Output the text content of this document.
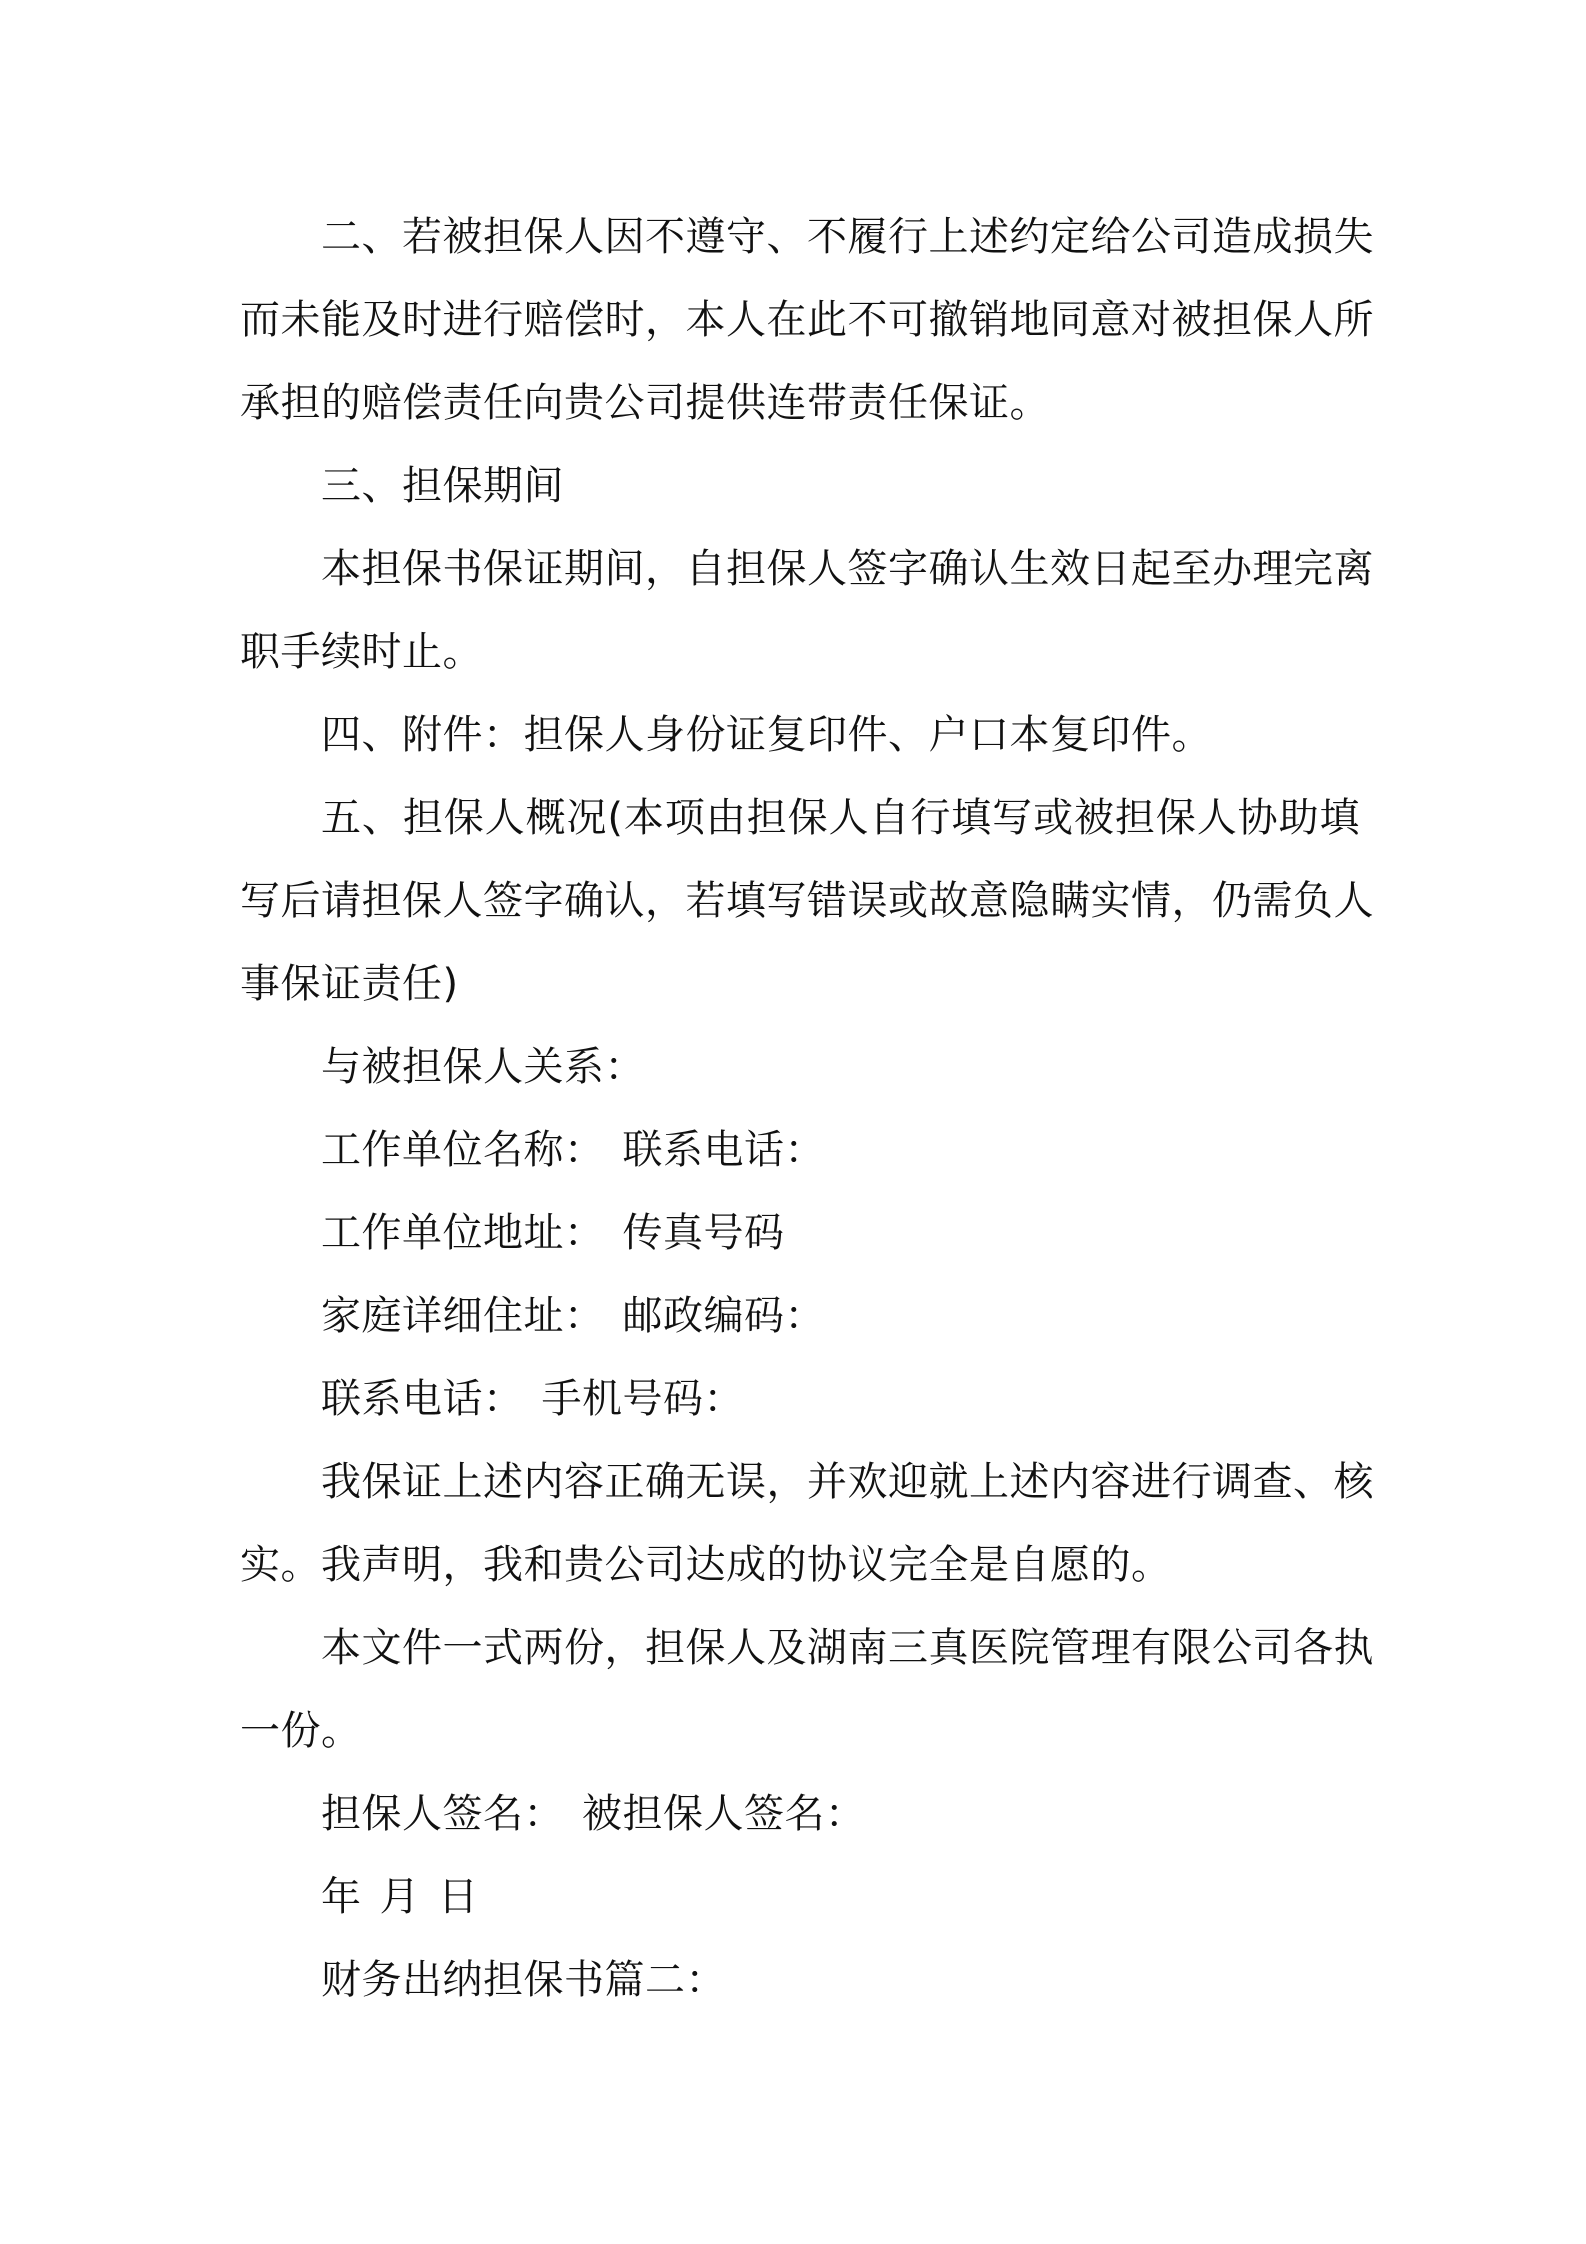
二、若被担保人因不遵守、不履行上述约定给公司造成损失
而未能及时进行赔偿时，本人在此不可撤销地同意对被担保人所
承担的赔偿责任向贵公司提供连带责任保证。
三、担保期间
本担保书保证期间，自担保人签字确认生效日起至办理完离
职手续时止。
四、附件：担保人身份证复印件、户口本复印件。
五、担保人概况(本项由担保人自行填写或被担保人协助填
写后请担保人签字确认，若填写错误或故意隐瞒实情，仍需负人
事保证责任)
与被担保人关系：
工作单位名称： 联系电话：
工作单位地址： 传真号码
家庭详细住址： 邮政编码：
联系电话： 手机号码：
我保证上述内容正确无误，并欢迎就上述内容进行调查、核
实。我声明，我和贵公司达成的协议完全是自愿的。
本文件一式两份，担保人及湖南三真医院管理有限公司各执
一份。
担保人签名： 被担保人签名：
年 月 日
财务出纳担保书篇二：
